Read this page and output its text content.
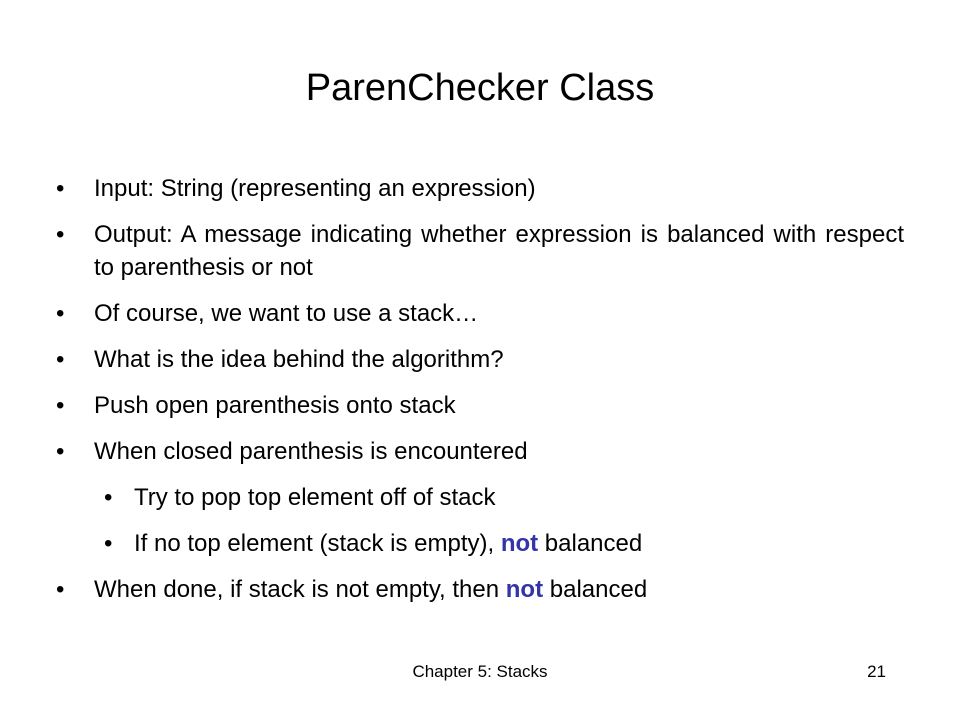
ParenChecker Class
• Input: String (representing an expression)
• Output: A message indicating whether expression is balanced with respect to parenthesis or not
• Of course, we want to use a stack…
• What is the idea behind the algorithm?
• Push open parenthesis onto stack
• When closed parenthesis is encountered
• Try to pop top element off of stack
• If no top element (stack is empty), not balanced
• When done, if stack is not empty, then not balanced
Chapter 5: Stacks	21
